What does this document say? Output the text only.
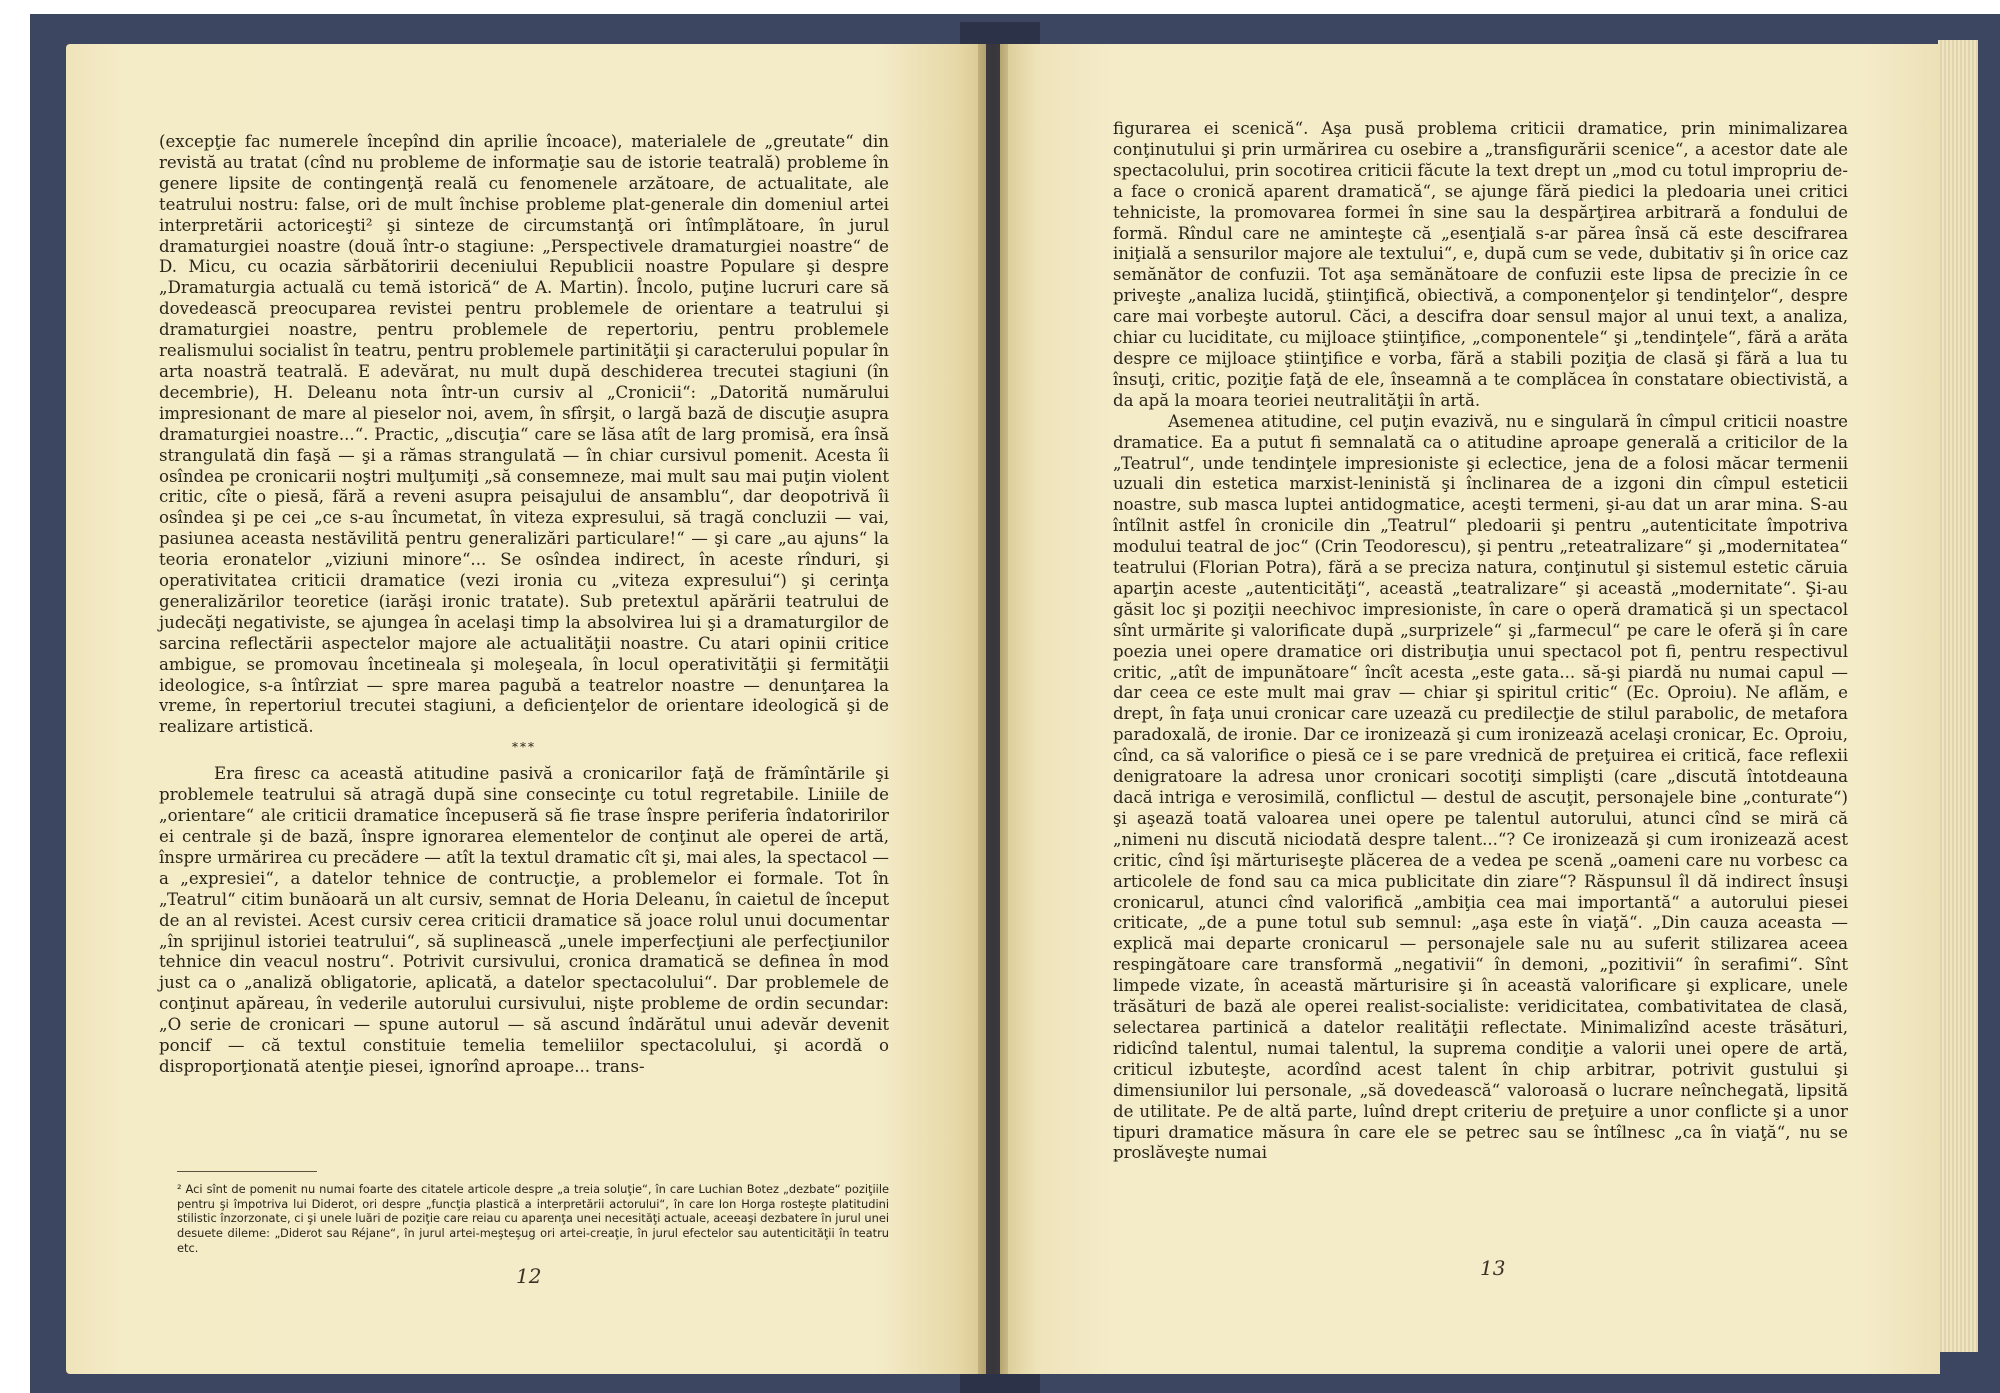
(excepţie fac numerele începînd din aprilie încoace), materialele de „greutate“ din revistă au tratat (cînd nu probleme de informaţie sau de istorie teatrală) probleme în genere lipsite de contingenţă reală cu fenomenele arzătoare, de actualitate, ale teatrului nostru: false, ori de mult închise probleme plat-generale din domeniul artei interpretării actoriceşti² şi sinteze de circumstanţă ori întîmplătoare, în jurul dramaturgiei noastre (două într-o stagiune: „Perspectivele dramaturgiei noastre“ de D. Micu, cu ocazia sărbătoririi deceniului Republicii noastre Populare şi despre „Dramaturgia actuală cu temă istorică“ de A. Martin). Încolo, puţine lucruri care să dovedească preocuparea revistei pentru problemele de orientare a teatrului şi dramaturgiei noastre, pentru problemele de repertoriu, pentru problemele realismului socialist în teatru, pentru problemele partinităţii şi caracterului popular în arta noastră teatrală. E adevărat, nu mult după deschiderea trecutei stagiuni (în decembrie), H. Deleanu nota într-un cursiv al „Cronicii“: „Datorită numărului impresionant de mare al pieselor noi, avem, în sfîrşit, o largă bază de discuţie asupra dramaturgiei noastre...“. Practic, „discuţia“ care se lăsa atît de larg promisă, era însă strangulată din faşă — şi a rămas strangulată — în chiar cursivul pomenit. Acesta îi osîndea pe cronicarii noştri mulţumiţi „să consemneze, mai mult sau mai puţin violent critic, cîte o piesă, fără a reveni asupra peisajului de ansamblu“, dar deopotrivă îi osîndea şi pe cei „ce s-au încumetat, în viteza expresului, să tragă concluzii — vai, pasiunea aceasta nestăvilită pentru generalizări particulare!“ — şi care „au ajuns“ la teoria eronatelor „viziuni minore“... Se osîndea indirect, în aceste rînduri, şi operativitatea criticii dramatice (vezi ironia cu „viteza expresului“) şi cerinţa generalizărilor teoretice (iarăşi ironic tratate). Sub pretextul apărării teatrului de judecăţi negativiste, se ajungea în acelaşi timp la absolvirea lui şi a dramaturgilor de sarcina reflectării aspectelor majore ale actualităţii noastre. Cu atari opinii critice ambigue, se promovau încetineala şi moleşeala, în locul operativităţii şi fermităţii ideologice, s-a întîrziat — spre marea pagubă a teatrelor noastre — denunţarea la vreme, în repertoriul trecutei stagiuni, a deficienţelor de orientare ideologică şi de realizare artistică.

***

Era firesc ca această atitudine pasivă a cronicarilor faţă de frămîntările şi problemele teatrului să atragă după sine consecinţe cu totul regretabile. Liniile de „orientare“ ale criticii dramatice începuseră să fie trase înspre periferia îndatoririlor ei centrale şi de bază, înspre ignorarea elementelor de conţinut ale operei de artă, înspre urmărirea cu precădere — atît la textul dramatic cît şi, mai ales, la spectacol — a „expresiei“, a datelor tehnice de contrucţie, a problemelor ei formale. Tot în „Teatrul“ citim bunăoară un alt cursiv, semnat de Horia Deleanu, în caietul de început de an al revistei. Acest cursiv cerea criticii dramatice să joace rolul unui documentar „în sprijinul istoriei teatrului“, să suplinească „unele imperfecţiuni ale perfecţiunilor tehnice din veacul nostru“. Potrivit cursivului, cronica dramatică se definea în mod just ca o „analiză obligatorie, aplicată, a datelor spectacolului“. Dar problemele de conţinut apăreau, în vederile autorului cursivului, nişte probleme de ordin secundar: „O serie de cronicari — spune autorul — să ascund îndărătul unui adevăr devenit poncif — că textul constituie temelia temeliilor spectacolului, şi acordă o disproporţionată atenţie piesei, ignorînd aproape... trans-

² Aci sînt de pomenit nu numai foarte des citatele articole despre „a treia soluţie“, în care Luchian Botez „dezbate“ poziţiile pentru şi împotriva lui Diderot, ori despre „funcţia plastică a interpretării actorului“, în care Ion Horga rosteşte platitudini stilistic înzorzonate, ci şi unele luări de poziţie care reiau cu aparenţa unei necesităţi actuale, aceeaşi dezbatere în jurul unei desuete dileme: „Diderot sau Réjane“, în jurul artei-meşteşug ori artei-creaţie, în jurul efectelor sau autenticităţii în teatru etc.
12

figurarea ei scenică“. Aşa pusă problema criticii dramatice, prin minimalizarea conţinutului şi prin urmărirea cu osebire a „transfigurării scenice“, a acestor date ale spectacolului, prin socotirea criticii făcute la text drept un „mod cu totul impropriu de-a face o cronică aparent dramatică“, se ajunge fără piedici la pledoaria unei critici tehniciste, la promovarea formei în sine sau la despărţirea arbitrară a fondului de formă. Rîndul care ne aminteşte că „esenţială s-ar părea însă că este descifrarea iniţială a sensurilor majore ale textului“, e, după cum se vede, dubitativ şi în orice caz semănător de confuzii. Tot aşa semănătoare de confuzii este lipsa de precizie în ce priveşte „analiza lucidă, ştiinţifică, obiectivă, a componenţelor şi tendinţelor“, despre care mai vorbeşte autorul. Căci, a descifra doar sensul major al unui text, a analiza, chiar cu luciditate, cu mijloace ştiinţifice, „componentele“ şi „tendinţele“, fără a arăta despre ce mijloace ştiinţifice e vorba, fără a stabili poziţia de clasă şi fără a lua tu însuţi, critic, poziţie faţă de ele, înseamnă a te complăcea în constatare obiectivistă, a da apă la moara teoriei neutralităţii în artă.

Asemenea atitudine, cel puţin evazivă, nu e singulară în cîmpul criticii noastre dramatice. Ea a putut fi semnalată ca o atitudine aproape generală a criticilor de la „Teatrul“, unde tendinţele impresioniste şi eclectice, jena de a folosi măcar termenii uzuali din estetica marxist-leninistă şi înclinarea de a izgoni din cîmpul esteticii noastre, sub masca luptei antidogmatice, aceşti termeni, şi-au dat un arar mina. S-au întîlnit astfel în cronicile din „Teatrul“ pledoarii şi pentru „autenticitate împotriva modului teatral de joc“ (Crin Teodorescu), şi pentru „reteatralizare“ şi „modernitatea“ teatrului (Florian Potra), fără a se preciza natura, conţinutul şi sistemul estetic căruia aparţin aceste „autenticităţi“, această „teatralizare“ şi această „modernitate“. Şi-au găsit loc şi poziţii neechivoc impresioniste, în care o operă dramatică şi un spectacol sînt urmărite şi valorificate după „surprizele“ şi „farmecul“ pe care le oferă şi în care poezia unei opere dramatice ori distribuţia unui spectacol pot fi, pentru respectivul critic, „atît de impunătoare“ încît acesta „este gata... să-şi piardă nu numai capul — dar ceea ce este mult mai grav — chiar şi spiritul critic“ (Ec. Oproiu). Ne aflăm, e drept, în faţa unui cronicar care uzează cu predilecţie de stilul parabolic, de metafora paradoxală, de ironie. Dar ce ironizează şi cum ironizează acelaşi cronicar, Ec. Oproiu, cînd, ca să valorifice o piesă ce i se pare vrednică de preţuirea ei critică, face reflexii denigratoare la adresa unor cronicari socotiţi simplişti (care „discută întotdeauna dacă intriga e verosimilă, conflictul — destul de ascuţit, personajele bine „conturate“) şi aşează toată valoarea unei opere pe talentul autorului, atunci cînd se miră că „nimeni nu discută niciodată despre talent...“? Ce ironizează şi cum ironizează acest critic, cînd îşi mărturiseşte plăcerea de a vedea pe scenă „oameni care nu vorbesc ca articolele de fond sau ca mica publicitate din ziare“? Răspunsul îl dă indirect însuşi cronicarul, atunci cînd valorifică „ambiţia cea mai importantă“ a autorului piesei criticate, „de a pune totul sub semnul: „aşa este în viaţă“. „Din cauza aceasta — explică mai departe cronicarul — personajele sale nu au suferit stilizarea aceea respingătoare care transformă „negativii“ în demoni, „pozitivii“ în serafimi“. Sînt limpede vizate, în această mărturisire şi în această valorificare şi explicare, unele trăsături de bază ale operei realist-socialiste: veridicitatea, combativitatea de clasă, selectarea partinică a datelor realităţii reflectate. Minimalizînd aceste trăsături, ridicînd talentul, numai talentul, la suprema condiţie a valorii unei opere de artă, criticul izbuteşte, acordînd acest talent în chip arbitrar, potrivit gustului şi dimensiunilor lui personale, „să dovedească“ valoroasă o lucrare neînchegată, lipsită de utilitate. Pe de altă parte, luînd drept criteriu de preţuire a unor conflicte şi a unor tipuri dramatice măsura în care ele se petrec sau se întîlnesc „ca în viaţă“, nu se proslăveşte numai

13
